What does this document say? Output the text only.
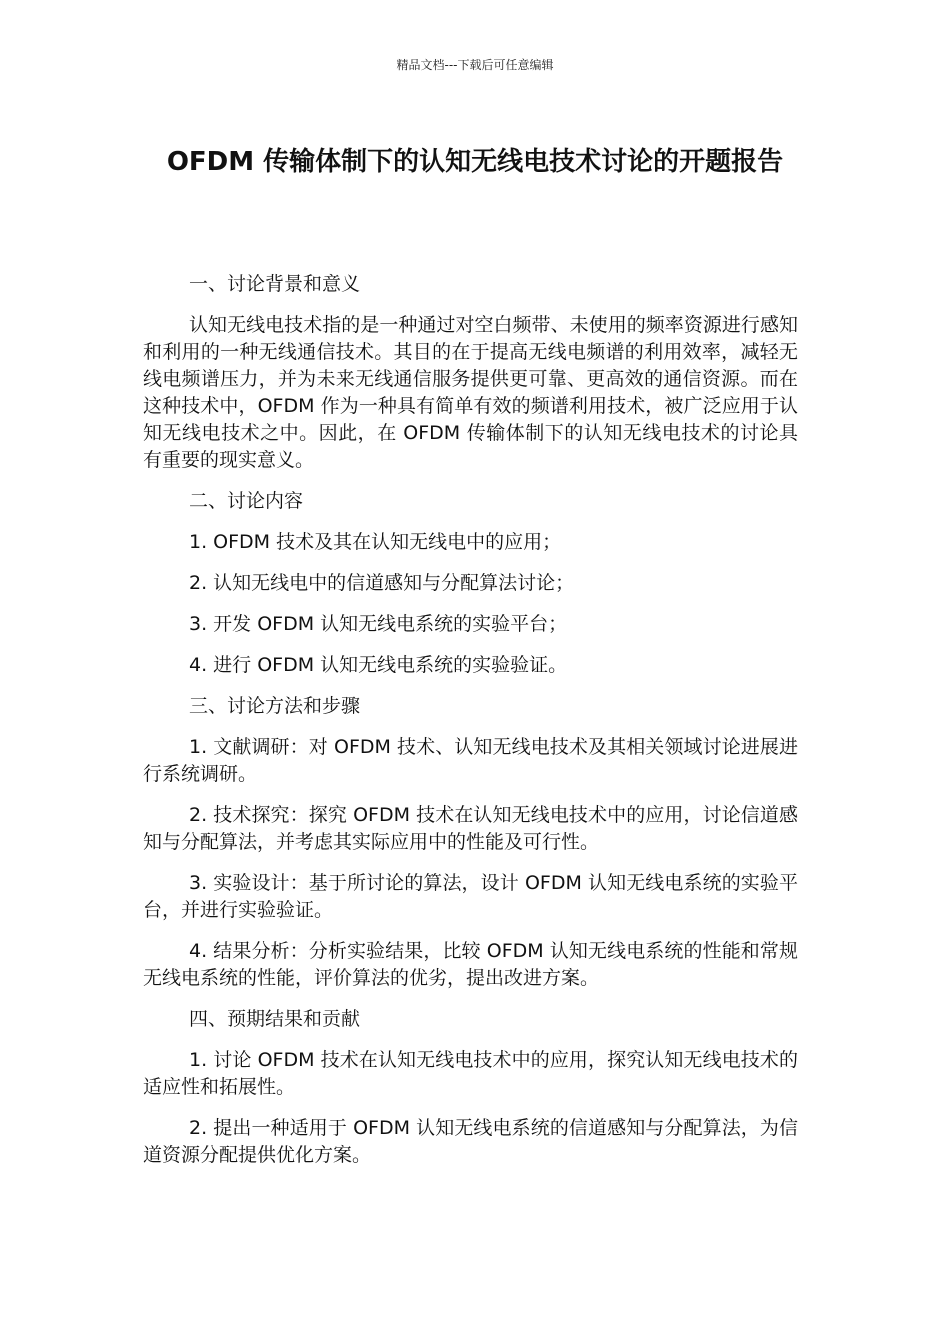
精品文档---下载后可任意编辑
OFDM 传输体制下的认知无线电技术讨论的开题报告

一、讨论背景和意义

认知无线电技术指的是一种通过对空白频带、未使用的频率资源进行感知和利用的一种无线通信技术。其目的在于提高无线电频谱的利用效率，减轻无线电频谱压力，并为未来无线通信服务提供更可靠、更高效的通信资源。而在这种技术中，OFDM 作为一种具有简单有效的频谱利用技术，被广泛应用于认知无线电技术之中。因此，在 OFDM 传输体制下的认知无线电技术的讨论具有重要的现实意义。

二、讨论内容

1. OFDM 技术及其在认知无线电中的应用；

2. 认知无线电中的信道感知与分配算法讨论；

3. 开发 OFDM 认知无线电系统的实验平台；

4. 进行 OFDM 认知无线电系统的实验验证。

三、讨论方法和步骤

1. 文献调研：对 OFDM 技术、认知无线电技术及其相关领域讨论进展进行系统调研。

2. 技术探究：探究 OFDM 技术在认知无线电技术中的应用，讨论信道感知与分配算法，并考虑其实际应用中的性能及可行性。

3. 实验设计：基于所讨论的算法，设计 OFDM 认知无线电系统的实验平台，并进行实验验证。

4. 结果分析：分析实验结果，比较 OFDM 认知无线电系统的性能和常规无线电系统的性能，评价算法的优劣，提出改进方案。

四、预期结果和贡献

1. 讨论 OFDM 技术在认知无线电技术中的应用，探究认知无线电技术的适应性和拓展性。

2. 提出一种适用于 OFDM 认知无线电系统的信道感知与分配算法，为信道资源分配提供优化方案。
